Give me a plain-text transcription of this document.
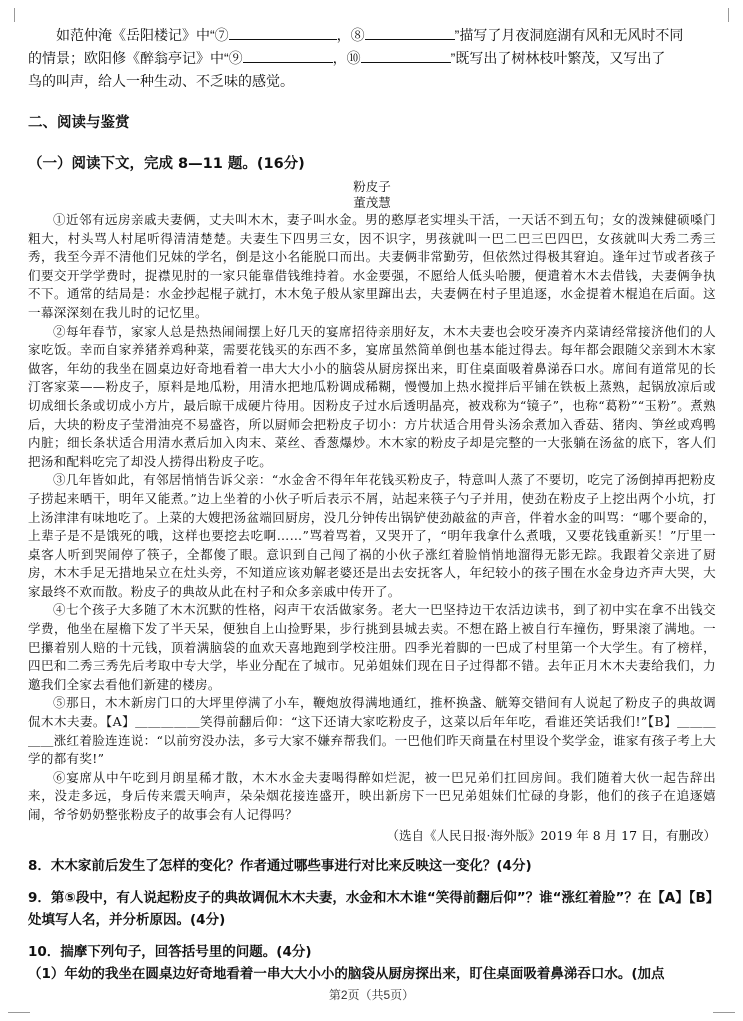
如范仲淹《岳阳楼记》中“⑦	，⑧	”描写了月夜洞庭湖有风和无风时不同
的情景；欧阳修《醉翁亭记》中“⑨	，⑩	”既写出了树林枝叶繁茂，又写出了
鸟的叫声，给人一种生动、不乏味的感觉。
二、阅读与鉴赏
（一）阅读下文，完成 8—11 题。(16分)
粉皮子
董茂慧

①近邻有远房亲戚夫妻俩，丈夫叫木木，妻子叫水金。男的憨厚老实埋头干活，一天话不到五句；女的泼辣健硕嗓门粗大，村头骂人村尾听得清清楚楚。夫妻生下四男三女，因不识字，男孩就叫一巴二巴三巴四巴，女孩就叫大秀二秀三秀，我至今弄不清他们兄妹的学名，倒是这小名能脱口而出。夫妻俩非常勤劳，但依然过得极其窘迫。逢年过节或者孩子们要交开学学费时，捉襟见肘的一家只能靠借钱维持着。水金要强，不愿给人低头哈腰，便遣着木木去借钱，夫妻俩争执不下。通常的结局是：水金抄起棍子就打，木木兔子般从家里蹿出去，夫妻俩在村子里追逐，水金提着木棍追在后面。这一幕深深刻在我儿时的记忆里。

②每年春节，家家人总是热热闹闹摆上好几天的宴席招待亲朋好友，木木夫妻也会咬牙凑齐内菜请经常接济他们的人家吃饭。幸而自家养猪养鸡种菜，需要花钱买的东西不多，宴席虽然简单倒也基本能过得去。每年都会跟随父亲到木木家做客，年幼的我坐在圆桌边好奇地看着一串大大小小的脑袋从厨房探出来，盯住桌面吸着鼻涕吞口水。席间有道常见的长汀客家菜——粉皮子，原料是地瓜粉，用清水把地瓜粉调成稀糊，慢慢加上热水搅拌后平铺在铁板上蒸熟，起锅放凉后或切成细长条或切成小方片，最后晾干成硬片待用。因粉皮子过水后透明晶亮，被戏称为“镜子”，也称“葛粉”“玉粉”。煮熟后，大块的粉皮子莹滑油亮不易盛咨，所以厨师会把粉皮子切小：方片状适合用骨头汤余煮加入香菇、猪肉、笋丝或鸡鸭内脏；细长条状适合用清水煮后加入肉末、菜丝、香葱爆炒。木木家的粉皮子却是完整的一大张躺在汤盆的底下，客人们把汤和配料吃完了却没人捞得出粉皮子吃。

③几年皆如此，有邻居悄悄告诉父亲：“水金舍不得年年花钱买粉皮子，特意叫人蒸了不要切，吃完了汤倒掉再把粉皮子捞起来晒干，明年又能煮。”边上坐着的小伙子听后表示不屑，站起来筷子勺子并用，使劲在粉皮子上挖出两个小坑，打上汤津津有味地吃了。上菜的大嫂把汤盆端回厨房，没几分钟传出锅铲使劲敲盆的声音，伴着水金的叫骂：“哪个要命的，上辈子是不是饿死的哦，这样也要挖去吃啊……”骂着骂着，又哭开了，“明年我拿什么煮哦，又要花钱重新买！”厅里一桌客人听到哭闹停了筷子，全都傻了眼。意识到自己闯了祸的小伙子涨红着脸悄悄地溜得无影无踪。我跟着父亲进了厨房，木木手足无措地呆立在灶头旁，不知道应该劝解老婆还是出去安抚客人，年纪较小的孩子围在水金身边齐声大哭，大家最终不欢而散。粉皮子的典故从此在村子和众多亲戚中传开了。

④七个孩子大多随了木木沉默的性格，闷声干农活做家务。老大一巴坚持边干农活边读书，到了初中实在拿不出钱交学费，他坐在屋檐下发了半天呆，便独自上山捡野果，步行挑到县城去卖。不想在路上被自行车撞伤，野果滚了满地。一巴攥着别人赔的十元钱，顶着满脑袋的血欢天喜地跑到学校注册。四季光着脚的一巴成了村里第一个大学生。有了榜样，四巴和二秀三秀先后考取中专大学，毕业分配在了城市。兄弟姐妹们现在日子过得都不错。去年正月木木夫妻给我们，力邀我们全家去看他们新建的楼房。

⑤那日，木木新房门口的大坪里停满了小车，鞭炮放得满地通红，推杯换盏、觥筹交错间有人说起了粉皮子的典故调侃木木夫妻。【A】＿＿＿＿＿笑得前翻后仰：“这下还请大家吃粉皮子，这菜以后年年吃，看谁还笑话我们!”【B】＿＿＿＿＿涨红着脸连连说：“以前穷没办法，多亏大家不嫌弃帮我们。一巴他们昨天商量在村里设个奖学金，谁家有孩子考上大学的都有奖!”

⑥宴席从中午吃到月朗星稀才散，木木水金夫妻喝得醉如烂泥，被一巴兄弟们扛回房间。我们随着大伙一起告辞出来，没走多远，身后传来震天响声，朵朵烟花接连盛开，映出新房下一巴兄弟姐妹们忙碌的身影，他们的孩子在追逐嬉闹，爷爷奶奶整张粉皮子的故事会有人记得吗？

（选自《人民日报·海外版》2019 年 8 月 17 日，有删改）
8．木木家前后发生了怎样的变化？作者通过哪些事进行对比来反映这一变化？(4分)
9．第⑤段中，有人说起粉皮子的典故调侃木木夫妻，水金和木木谁“笑得前翻后仰”？谁“涨红着脸”？在【A】【B】处填写人名，并分析原因。(4分)
10．揣摩下列句子，回答括号里的问题。(4分)
（1）年幼的我坐在圆桌边好奇地看着一串大大小小的脑袋从厨房探出来，盯住桌面吸着鼻涕吞口水。(加点
第2页（共5页）
